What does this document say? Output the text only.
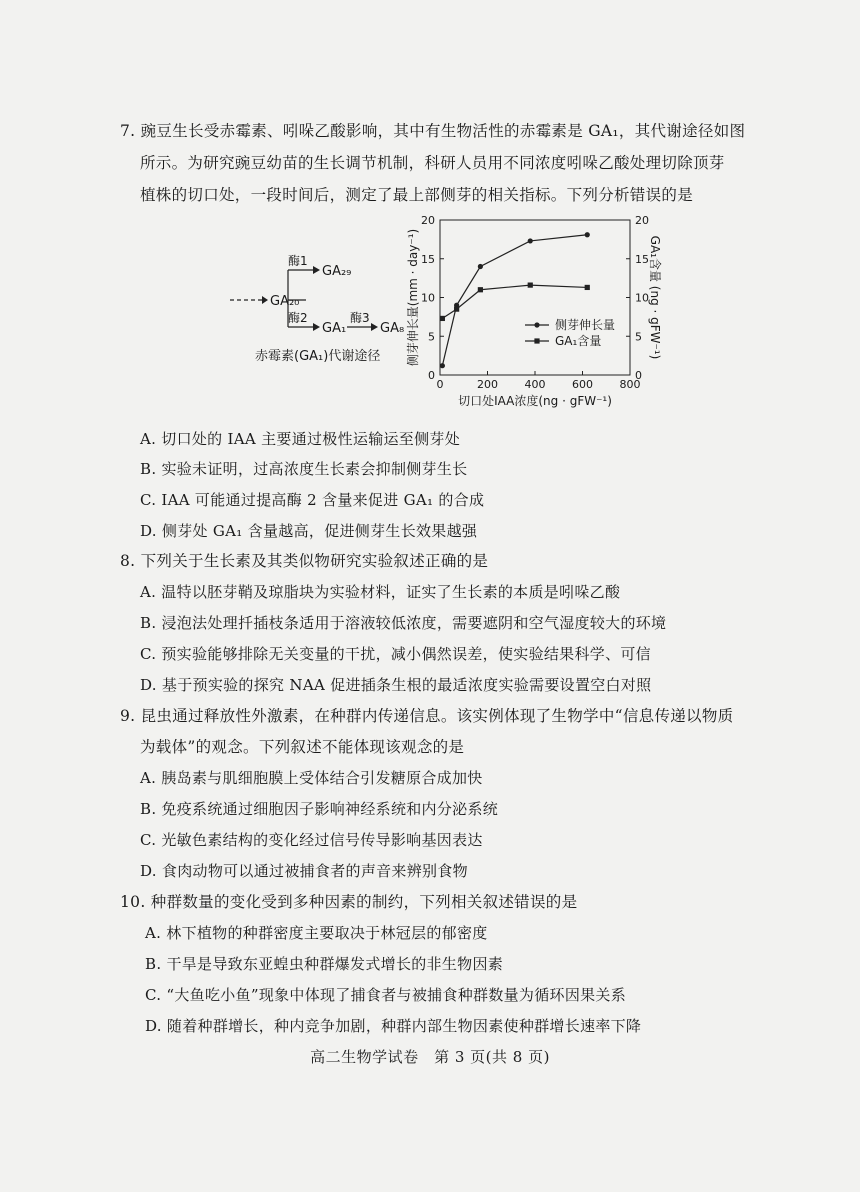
7. 豌豆生长受赤霉素、吲哚乙酸影响，其中有生物活性的赤霉素是 GA₁，其代谢途径如图
所示。为研究豌豆幼苗的生长调节机制，科研人员用不同浓度吲哚乙酸处理切除顶芽
植株的切口处，一段时间后，测定了最上部侧芽的相关指标。下列分析错误的是
GA₂₀
酶1
GA₂₉
酶2
GA₁
酶3
GA₈
赤霉素(GA₁)代谢途径
0	200 400 600 800
0
5
10
15
20
0
5
10
15
20
切口处IAA浓度(ng · gFW⁻¹)
侧芽伸长量(mm · day⁻¹)	GA₁含量 (ng · gFW⁻¹)
侧芽伸长量
GA₁含量
A. 切口处的 IAA 主要通过极性运输运至侧芽处
B. 实验未证明，过高浓度生长素会抑制侧芽生长
C. IAA 可能通过提高酶 2 含量来促进 GA₁ 的合成
D. 侧芽处 GA₁ 含量越高，促进侧芽生长效果越强
8. 下列关于生长素及其类似物研究实验叙述正确的是
A. 温特以胚芽鞘及琼脂块为实验材料，证实了生长素的本质是吲哚乙酸
B. 浸泡法处理扦插枝条适用于溶液较低浓度，需要遮阴和空气湿度较大的环境
C. 预实验能够排除无关变量的干扰，减小偶然误差，使实验结果科学、可信
D. 基于预实验的探究 NAA 促进插条生根的最适浓度实验需要设置空白对照
9. 昆虫通过释放性外激素，在种群内传递信息。该实例体现了生物学中“信息传递以物质
为载体”的观念。下列叙述不能体现该观念的是
A. 胰岛素与肌细胞膜上受体结合引发糖原合成加快
B. 免疫系统通过细胞因子影响神经系统和内分泌系统
C. 光敏色素结构的变化经过信号传导影响基因表达
D. 食肉动物可以通过被捕食者的声音来辨别食物
10. 种群数量的变化受到多种因素的制约，下列相关叙述错误的是
A. 林下植物的种群密度主要取决于林冠层的郁密度
B. 干旱是导致东亚蝗虫种群爆发式增长的非生物因素
C. “大鱼吃小鱼”现象中体现了捕食者与被捕食种群数量为循环因果关系
D. 随着种群增长，种内竞争加剧，种群内部生物因素使种群增长速率下降
高二生物学试卷　第 3 页(共 8 页)
